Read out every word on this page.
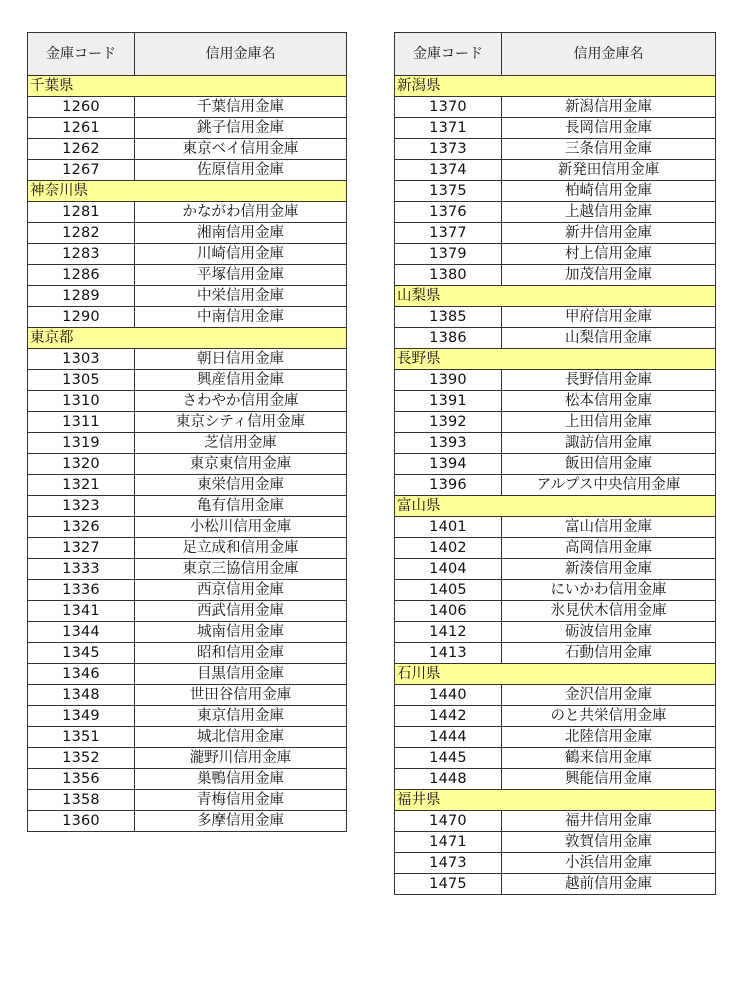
金庫コード	信用金庫名
千葉県	
1260	千葉信用金庫
1261	銚子信用金庫
1262	東京ベイ信用金庫
1267	佐原信用金庫
神奈川県	
1281	かながわ信用金庫
1282	湘南信用金庫
1283	川崎信用金庫
1286	平塚信用金庫
1289	中栄信用金庫
1290	中南信用金庫
東京都	
1303	朝日信用金庫
1305	興産信用金庫
1310	さわやか信用金庫
1311	東京シティ信用金庫
1319	芝信用金庫
1320	東京東信用金庫
1321	東栄信用金庫
1323	亀有信用金庫
1326	小松川信用金庫
1327	足立成和信用金庫
1333	東京三協信用金庫
1336	西京信用金庫
1341	西武信用金庫
1344	城南信用金庫
1345	昭和信用金庫
1346	目黒信用金庫
1348	世田谷信用金庫
1349	東京信用金庫
1351	城北信用金庫
1352	瀧野川信用金庫
1356	巣鴨信用金庫
1358	青梅信用金庫
1360	多摩信用金庫
金庫コード	信用金庫名
新潟県	
1370	新潟信用金庫
1371	長岡信用金庫
1373	三条信用金庫
1374	新発田信用金庫
1375	柏崎信用金庫
1376	上越信用金庫
1377	新井信用金庫
1379	村上信用金庫
1380	加茂信用金庫
山梨県	
1385	甲府信用金庫
1386	山梨信用金庫
長野県	
1390	長野信用金庫
1391	松本信用金庫
1392	上田信用金庫
1393	諏訪信用金庫
1394	飯田信用金庫
1396	アルプス中央信用金庫
富山県	
1401	富山信用金庫
1402	高岡信用金庫
1404	新湊信用金庫
1405	にいかわ信用金庫
1406	氷見伏木信用金庫
1412	砺波信用金庫
1413	石動信用金庫
石川県	
1440	金沢信用金庫
1442	のと共栄信用金庫
1444	北陸信用金庫
1445	鶴来信用金庫
1448	興能信用金庫
福井県	
1470	福井信用金庫
1471	敦賀信用金庫
1473	小浜信用金庫
1475	越前信用金庫
